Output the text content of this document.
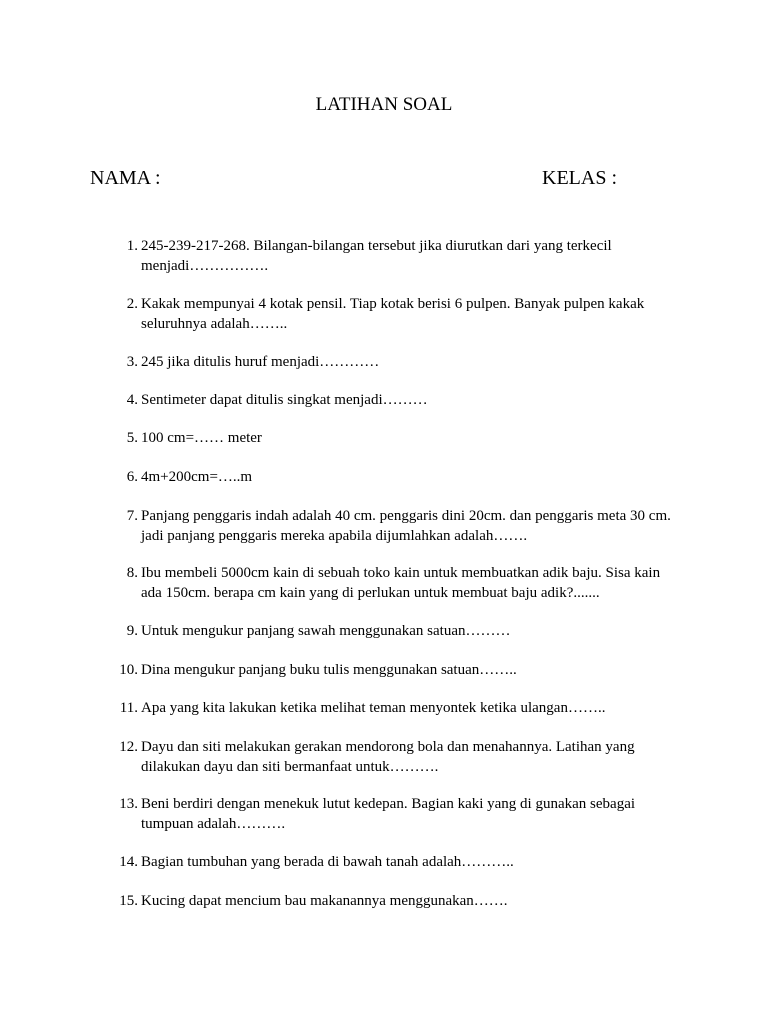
LATIHAN SOAL
NAMA :	KELAS :
1. 245-239-217-268. Bilangan-bilangan tersebut jika diurutkan dari yang terkecil
menjadi…………….
2. Kakak mempunyai 4 kotak pensil. Tiap kotak berisi 6 pulpen. Banyak pulpen kakak
seluruhnya adalah……..
3. 245 jika ditulis huruf menjadi…………
4. Sentimeter dapat ditulis singkat menjadi………
5. 100 cm=…… meter
6. 4m+200cm=…..m
7. Panjang penggaris indah adalah 40 cm. penggaris dini 20cm. dan penggaris meta 30 cm.
jadi panjang penggaris mereka apabila dijumlahkan adalah…….
8. Ibu membeli 5000cm kain di sebuah toko kain untuk membuatkan adik baju. Sisa kain
ada 150cm. berapa cm kain yang di perlukan untuk membuat baju adik?.......
9. Untuk mengukur panjang sawah menggunakan satuan………
10. Dina mengukur panjang buku tulis menggunakan satuan……..
11. Apa yang kita lakukan ketika melihat teman menyontek ketika ulangan……..
12. Dayu dan siti melakukan gerakan mendorong bola dan menahannya. Latihan yang
dilakukan dayu dan siti bermanfaat untuk……….
13. Beni berdiri dengan menekuk lutut kedepan. Bagian kaki yang di gunakan sebagai
tumpuan adalah……….
14. Bagian tumbuhan yang berada di bawah tanah adalah………..
15. Kucing dapat mencium bau makanannya menggunakan…….
